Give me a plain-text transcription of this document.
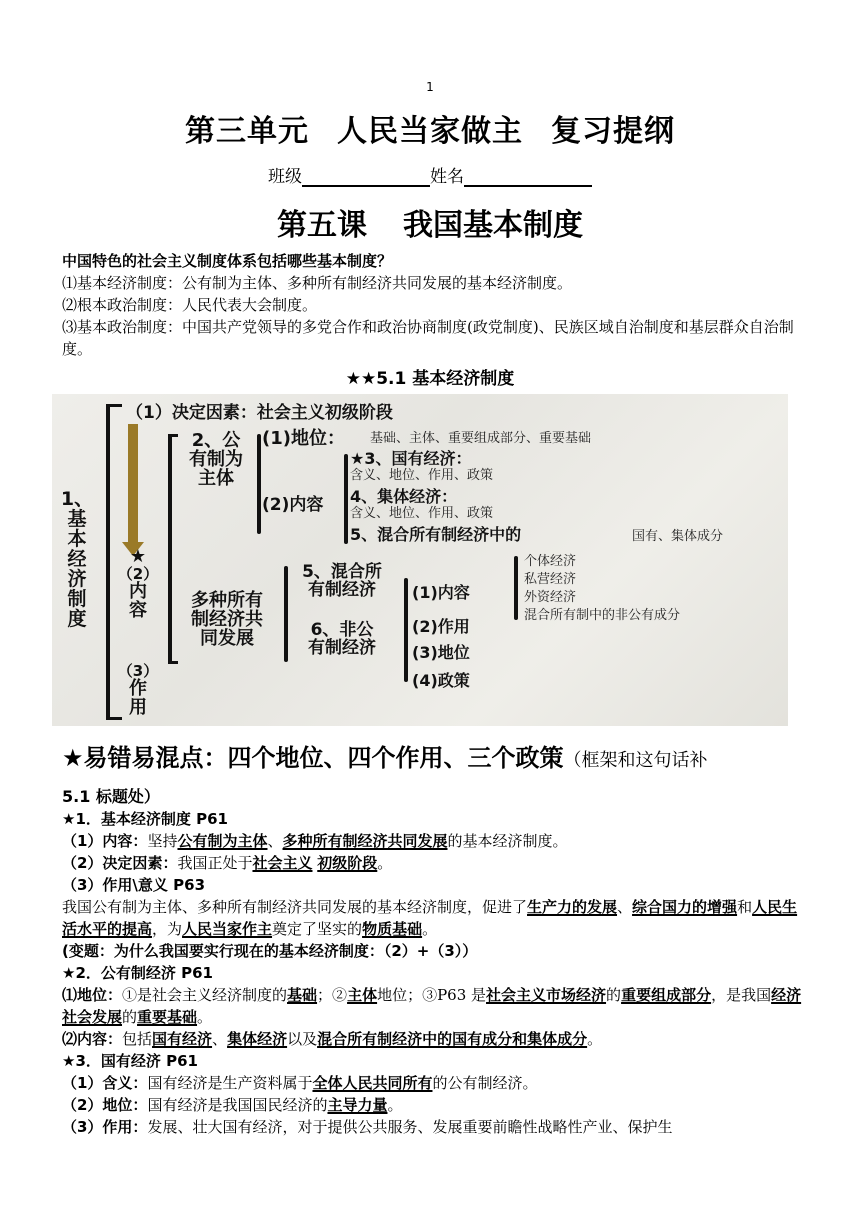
1
第三单元 人民当家做主 复习提纲
班级	姓名
第五课 我国基本制度
中国特色的社会主义制度体系包括哪些基本制度？
⑴基本经济制度：公有制为主体、多种所有制经济共同发展的基本经济制度。
⑵根本政治制度：人民代表大会制度。
⑶基本政治制度：中国共产党领导的多党合作和政治协商制度(政党制度)、民族区域自治制度和基层群众自治制度。
★★5.1 基本经济制度
1、
基
本
经
济
制
度
（1）决定因素：社会主义初级阶段
★
（2）
内
容
（3）
作
用
2、公
有制为
主体
多种所有
制经济共
同发展
(1)地位： 基础、主体、重要组成部分、重要基础
(2)内容
★3、国有经济：
含义、地位、作用、政策
4、集体经济：
含义、地位、作用、政策
5、混合所有制经济中的	国有、集体成分
5、混合所
有制经济
6、非公
有制经济
(1)内容
(2)作用
(3)地位
(4)政策
个体经济
私营经济
外资经济
混合所有制中的非公有成分
★易错易混点：四个地位、四个作用、三个政策（框架和这句话补
5.1 标题处）
★1．基本经济制度 P61
（1）内容：坚持公有制为主体、多种所有制经济共同发展的基本经济制度。
（2）决定因素：我国正处于社会主义 初级阶段。
（3）作用\意义 P63
我国公有制为主体、多种所有制经济共同发展的基本经济制度，促进了生产力的发展、综合国力的增强和人民生活水平的提高，为人民当家作主奠定了坚实的物质基础。
(变题：为什么我国要实行现在的基本经济制度：（2）+（3））
★2．公有制经济 P61
⑴地位：①是社会主义经济制度的基础；②主体地位；③P63 是社会主义市场经济的重要组成部分，是我国经济社会发展的重要基础。
⑵内容：包括国有经济、集体经济以及混合所有制经济中的国有成分和集体成分。
★3．国有经济 P61
（1）含义：国有经济是生产资料属于全体人民共同所有的公有制经济。
（2）地位：国有经济是我国国民经济的主导力量。
（3）作用：发展、壮大国有经济，对于提供公共服务、发展重要前瞻性战略性产业、保护生
